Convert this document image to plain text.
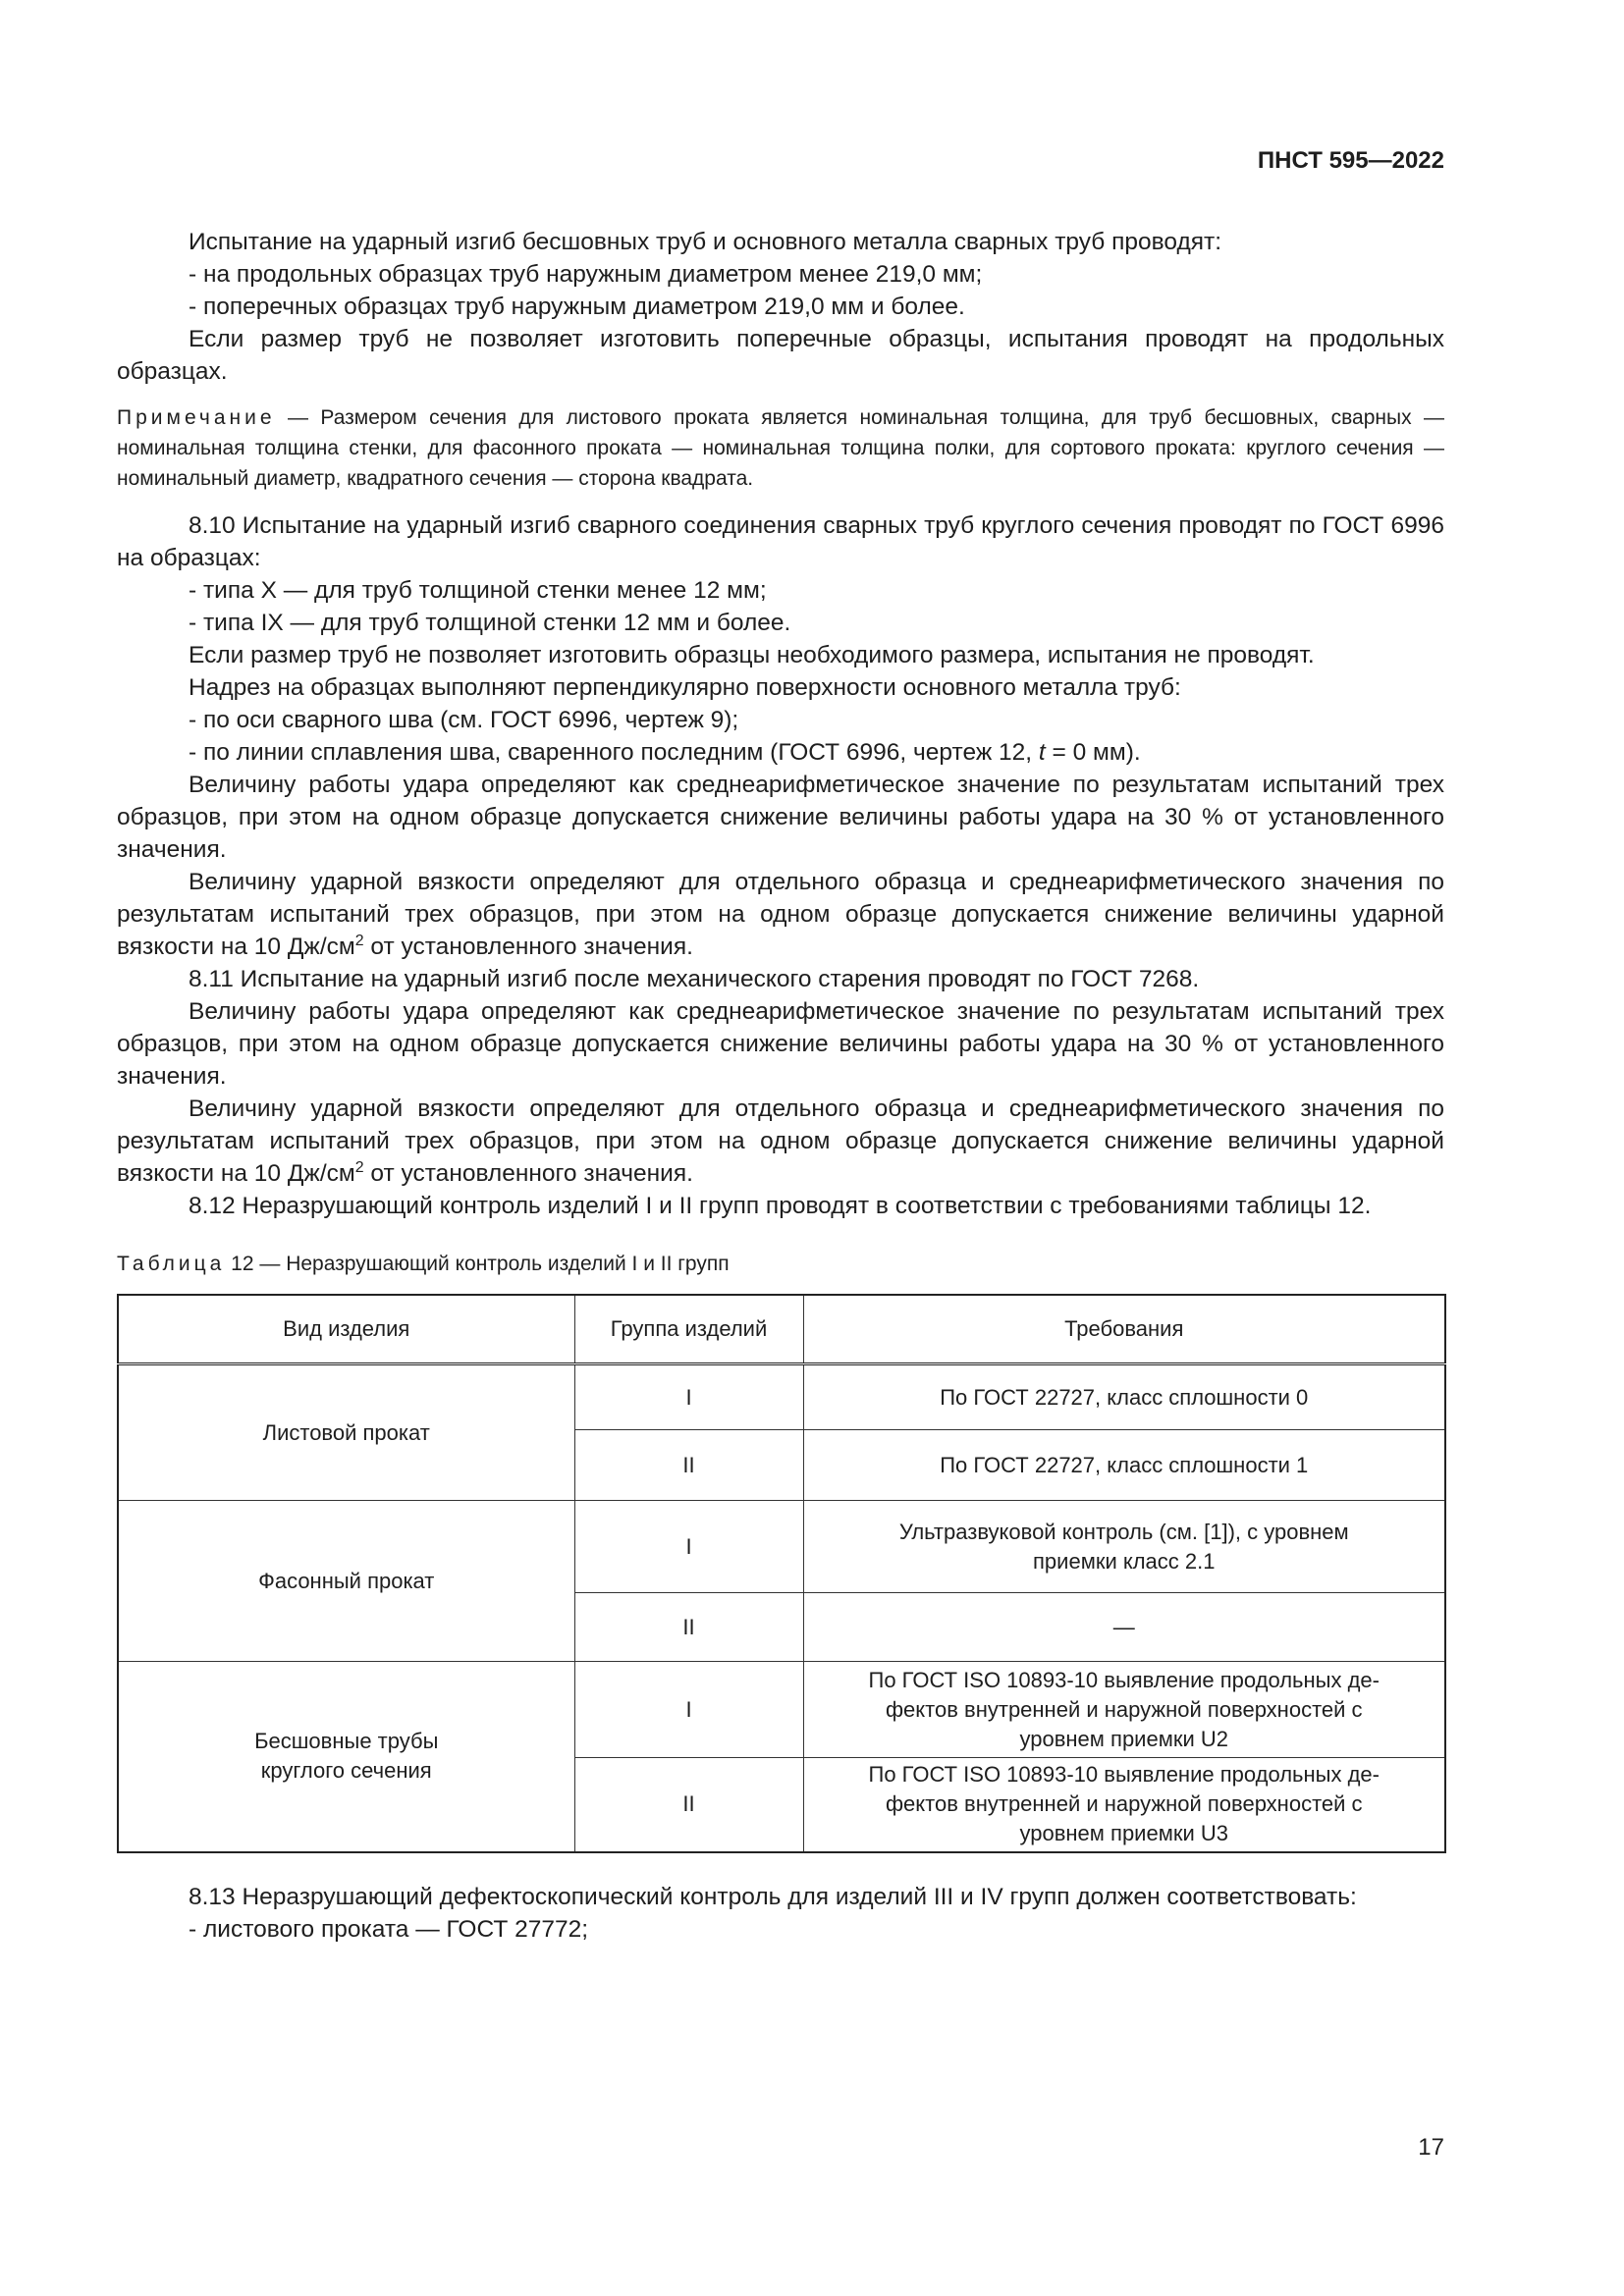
ПНСТ 595—2022

Испытание на ударный изгиб бесшовных труб и основного металла сварных труб проводят:

- на продольных образцах труб наружным диаметром менее 219,0 мм;

- поперечных образцах труб наружным диаметром 219,0 мм и более.

Если размер труб не позволяет изготовить поперечные образцы, испытания проводят на продольных образцах.

Примечание — Размером сечения для листового проката является номинальная толщина, для труб бесшовных, сварных — номинальная толщина стенки, для фасонного проката — номинальная толщина полки, для сортового проката: круглого сечения — номинальный диаметр, квадратного сечения — сторона квадрата.

8.10 Испытание на ударный изгиб сварного соединения сварных труб круглого сечения проводят по ГОСТ 6996 на образцах:

- типа X — для труб толщиной стенки менее 12 мм;

- типа IX — для труб толщиной стенки 12 мм и более.

Если размер труб не позволяет изготовить образцы необходимого размера, испытания не проводят.

Надрез на образцах выполняют перпендикулярно поверхности основного металла труб:

- по оси сварного шва (см. ГОСТ 6996, чертеж 9);

- по линии сплавления шва, сваренного последним (ГОСТ 6996, чертеж 12, t = 0 мм).

Величину работы удара определяют как среднеарифметическое значение по результатам испытаний трех образцов, при этом на одном образце допускается снижение величины работы удара на 30 % от установленного значения.

Величину ударной вязкости определяют для отдельного образца и среднеарифметического значения по результатам испытаний трех образцов, при этом на одном образце допускается снижение величины ударной вязкости на 10 $Дж/см^2$ от установленного значения.

8.11 Испытание на ударный изгиб после механического старения проводят по ГОСТ 7268.

Величину работы удара определяют как среднеарифметическое значение по результатам испытаний трех образцов, при этом на одном образце допускается снижение величины работы удара на 30 % от установленного значения.

Величину ударной вязкости определяют для отдельного образца и среднеарифметического значения по результатам испытаний трех образцов, при этом на одном образце допускается снижение величины ударной вязкости на 10 $Дж/см^2$ от установленного значения.

8.12 Неразрушающий контроль изделий I и II групп проводят в соответствии с требованиями таблицы 12.

Таблица 12 — Неразрушающий контроль изделий I и II групп

Вид изделия	Группа изделий	Требования
Листовой прокат	I	По ГОСТ 22727, класс сплошности 0
	II	По ГОСТ 22727, класс сплошности 1
Фасонный прокат	I	Ультразвуковой контроль (см. [1]), с уровнем
приемки класс 2.1
	II	—
Бесшовные трубы
круглого сечения	I	По ГОСТ ISO 10893-10 выявление продольных де-
фектов внутренней и наружной поверхностей с
уровнем приемки U2
	II	По ГОСТ ISO 10893-10 выявление продольных де-
фектов внутренней и наружной поверхностей с
уровнем приемки U3

8.13 Неразрушающий дефектоскопический контроль для изделий III и IV групп должен соответствовать:

- листового проката — ГОСТ 27772;

17
